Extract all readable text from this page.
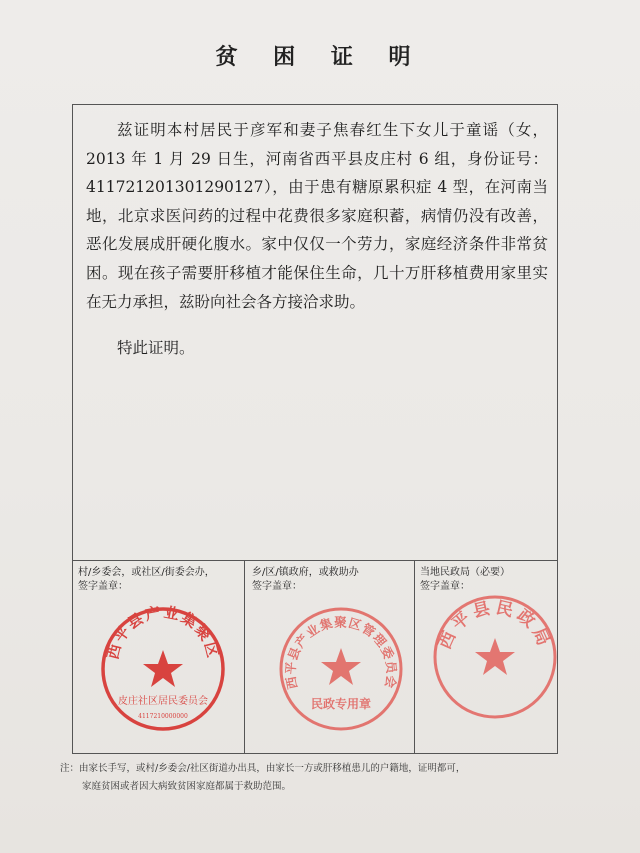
贫 困 证 明

兹证明本村居民于彦军和妻子焦春红生下女儿于童谣（女，2013 年 1 月 29 日生，河南省西平县皮庄村 6 组，身份证号：411721201301290127），由于患有糖原累积症 4 型，在河南当地，北京求医问药的过程中花费很多家庭积蓄，病情仍没有改善，恶化发展成肝硬化腹水。家中仅仅一个劳力，家庭经济条件非常贫困。现在孩子需要肝移植才能保住生命，几十万肝移植费用家里实在无力承担，兹盼向社会各方接洽求助。

特此证明。

村/乡委会，或社区/街委会办，
签字盖章：
西平县产业集聚区
皮庄社区居民委员会
4117210000000
乡/区/镇政府，或救助办
签字盖章：
西平县产业集聚区管理委员会
民政专用章
当地民政局（必要）
签字盖章：
西平县民政局
注：由家长手写，或村/乡委会/社区街道办出具，由家长一方或肝移植患儿的户籍地，证明都可，
家庭贫困或者因大病致贫困家庭都属于救助范围。
